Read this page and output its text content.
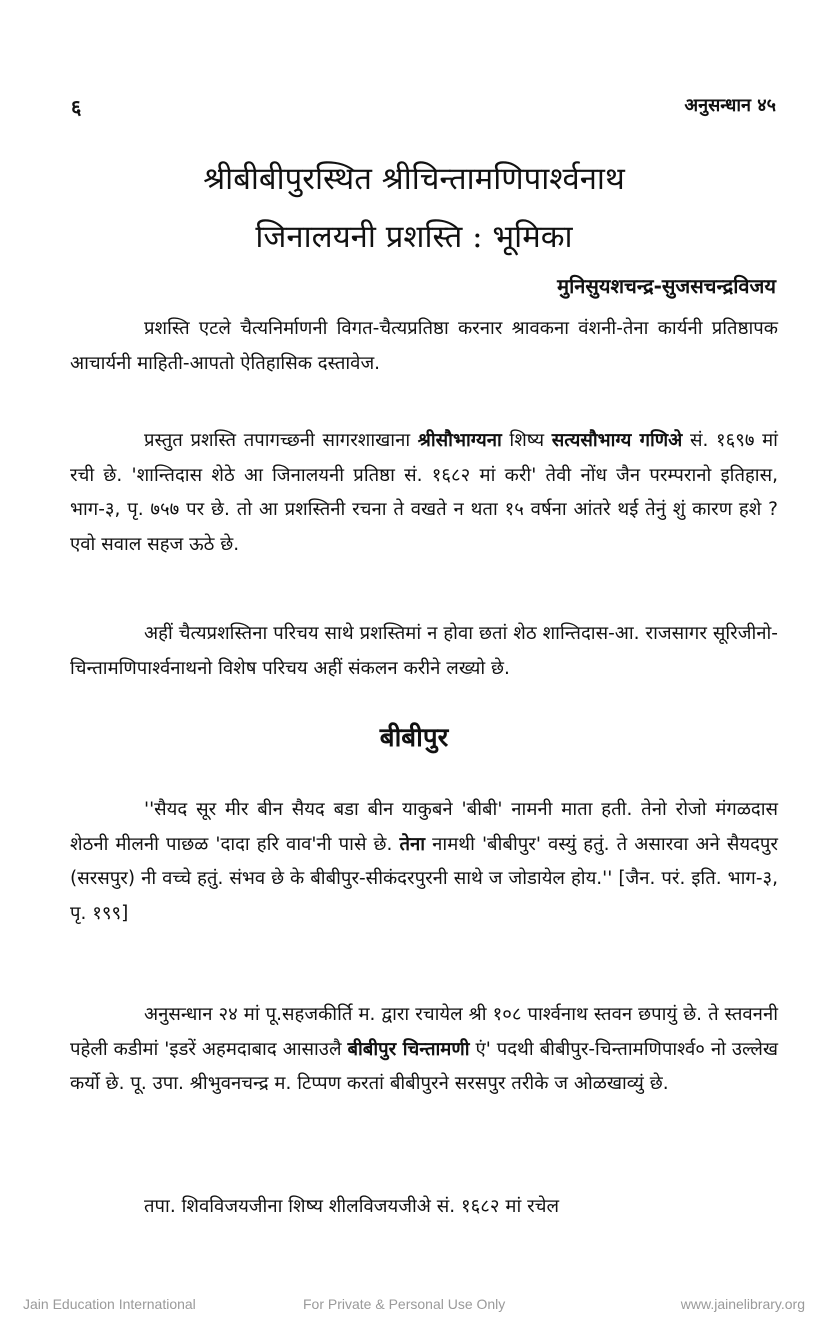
६	अनुसन्धान ४५
श्रीबीबीपुरस्थित श्रीचिन्तामणिपार्श्वनाथ
जिनालयनी प्रशस्ति : भूमिका
मुनिसुयशचन्द्र-सुजसचन्द्रविजय

प्रशस्ति एटले चैत्यनिर्माणनी विगत-चैत्यप्रतिष्ठा करनार श्रावकना वंशनी-तेना कार्यनी प्रतिष्ठापक आचार्यनी माहिती-आपतो ऐतिहासिक दस्तावेज.

प्रस्तुत प्रशस्ति तपागच्छनी सागरशाखाना श्रीसौभाग्यना शिष्य सत्यसौभाग्य गणिअे सं. १६९७ मां रची छे. 'शान्तिदास शेठे आ जिनालयनी प्रतिष्ठा सं. १६८२ मां करी' तेवी नोंध जैन परम्परानो इतिहास, भाग-३, पृ. ७५७ पर छे. तो आ प्रशस्तिनी रचना ते वखते न थता १५ वर्षना आंतरे थई तेनुं शुं कारण हशे ? एवो सवाल सहज ऊठे छे.

अहीं चैत्यप्रशस्तिना परिचय साथे प्रशस्तिमां न होवा छतां शेठ शान्तिदास-आ. राजसागर सूरिजीनो-चिन्तामणिपार्श्वनाथनो विशेष परिचय अहीं संकलन करीने लख्यो छे.

बीबीपुर

''सैयद सूर मीर बीन सैयद बडा बीन याकुबने 'बीबी' नामनी माता हती. तेनो रोजो मंगळदास शेठनी मीलनी पाछळ 'दादा हरि वाव'नी पासे छे. तेना नामथी 'बीबीपुर' वस्युं हतुं. ते असारवा अने सैयदपुर (सरसपुर) नी वच्चे हतुं. संभव छे के बीबीपुर-सीकंदरपुरनी साथे ज जोडायेल होय.'' [जैन. परं. इति. भाग-३, पृ. १९९]

अनुसन्धान २४ मां पू.सहजकीर्ति म. द्वारा रचायेल श्री १०८ पार्श्वनाथ स्तवन छपायुं छे. ते स्तवननी पहेली कडीमां 'इडरें अहमदाबाद आसाउलै बीबीपुर चिन्तामणी एं' पदथी बीबीपुर-चिन्तामणिपार्श्व० नो उल्लेख कर्यो छे. पू. उपा. श्रीभुवनचन्द्र म. टिप्पण करतां बीबीपुरने सरसपुर तरीके ज ओळखाव्युं छे.

तपा. शिवविजयजीना शिष्य शीलविजयजीअे सं. १६८२ मां रचेल

Jain Education International	For Private & Personal Use Only	www.jainelibrary.org
